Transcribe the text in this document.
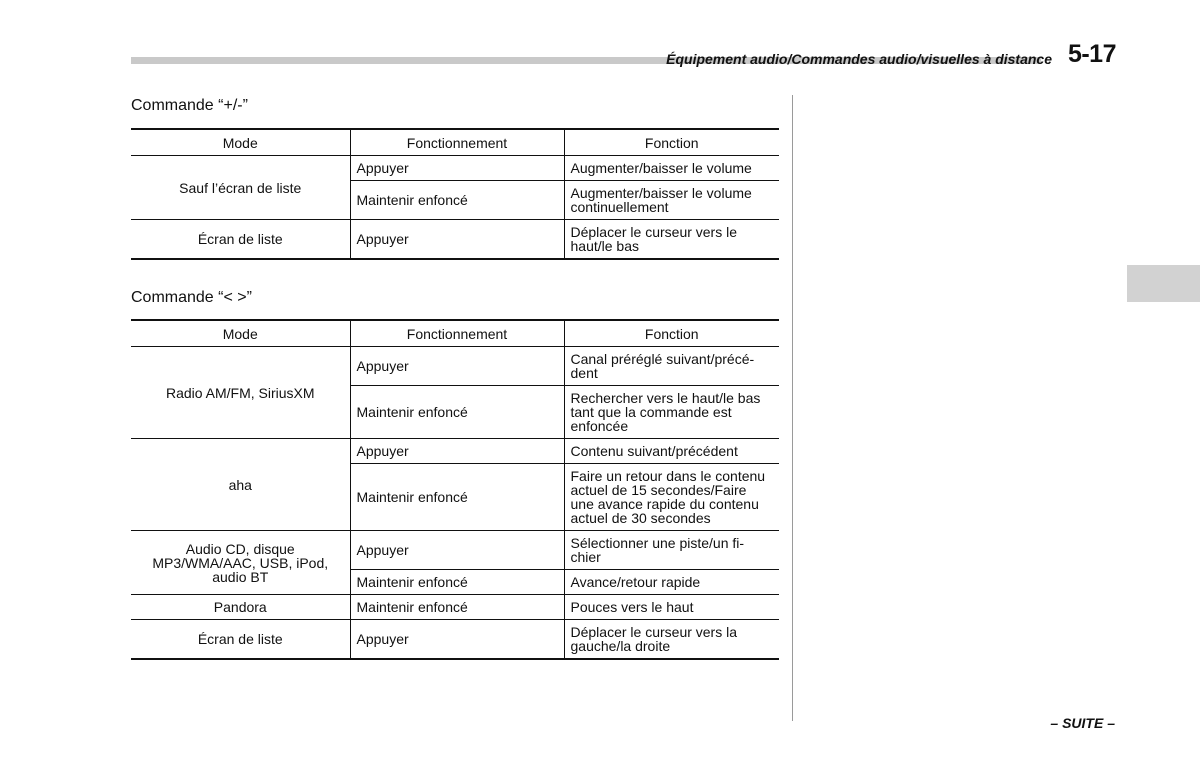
Équipement audio/Commandes audio/visuelles à distance 5-17
Commande “+/-”
Mode	Fonctionnement	Fonction
Sauf l’écran de liste	Appuyer	Augmenter/baisser le volume
	Maintenir enfoncé	Augmenter/baisser le volume continuellement
Écran de liste	Appuyer	Déplacer le curseur vers le haut/le bas
Commande “< >”
Mode	Fonctionnement	Fonction
Radio AM/FM, SiriusXM	Appuyer	Canal préréglé suivant/précé-dent
	Maintenir enfoncé	Rechercher vers le haut/le bas tant que la commande est enfoncée
aha	Appuyer	Contenu suivant/précédent
	Maintenir enfoncé	Faire un retour dans le contenu actuel de 15 secondes/Faire une avance rapide du contenu actuel de 30 secondes
Audio CD, disque MP3/WMA/AAC, USB, iPod, audio BT	Appuyer	Sélectionner une piste/un fi-chier
	Maintenir enfoncé	Avance/retour rapide
Pandora	Maintenir enfoncé	Pouces vers le haut
Écran de liste	Appuyer	Déplacer le curseur vers la gauche/la droite
– SUITE –
